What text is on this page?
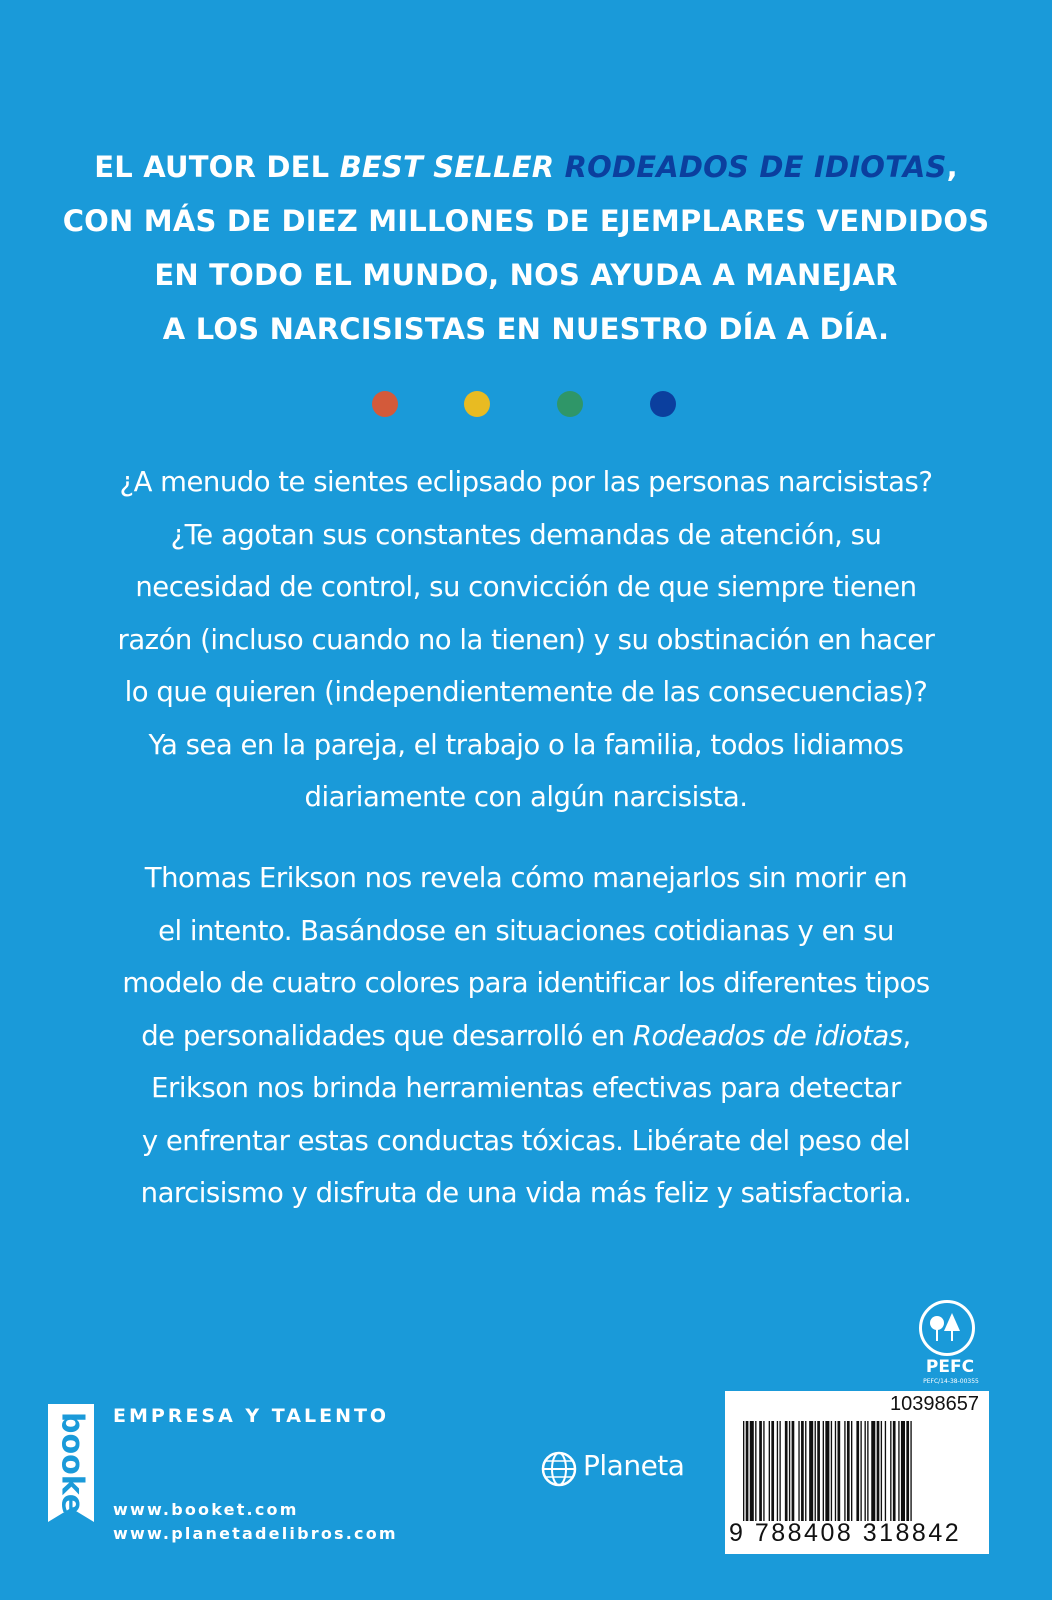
EL AUTOR DEL BEST SELLER RODEADOS DE IDIOTAS,
CON MÁS DE DIEZ MILLONES DE EJEMPLARES VENDIDOS
EN TODO EL MUNDO, NOS AYUDA A MANEJAR
A LOS NARCISISTAS EN NUESTRO DÍA A DÍA.
¿A menudo te sientes eclipsado por las personas narcisistas?
¿Te agotan sus constantes demandas de atención, su
necesidad de control, su convicción de que siempre tienen
razón (incluso cuando no la tienen) y su obstinación en hacer
lo que quieren (independientemente de las consecuencias)?
Ya sea en la pareja, el trabajo o la familia, todos lidiamos
diariamente con algún narcisista.
Thomas Erikson nos revela cómo manejarlos sin morir en
el intento. Basándose en situaciones cotidianas y en su
modelo de cuatro colores para identificar los diferentes tipos
de personalidades que desarrolló en Rodeados de idiotas,
Erikson nos brinda herramientas efectivas para detectar
y enfrentar estas conductas tóxicas. Libérate del peso del
narcisismo y disfruta de una vida más feliz y satisfactoria.
PEFC
PEFC/14-38-00355
10398657
9 788408 318842
booket EMPRESA Y TALENTO
www.booket.com
www.planetadelibros.com
Planeta
